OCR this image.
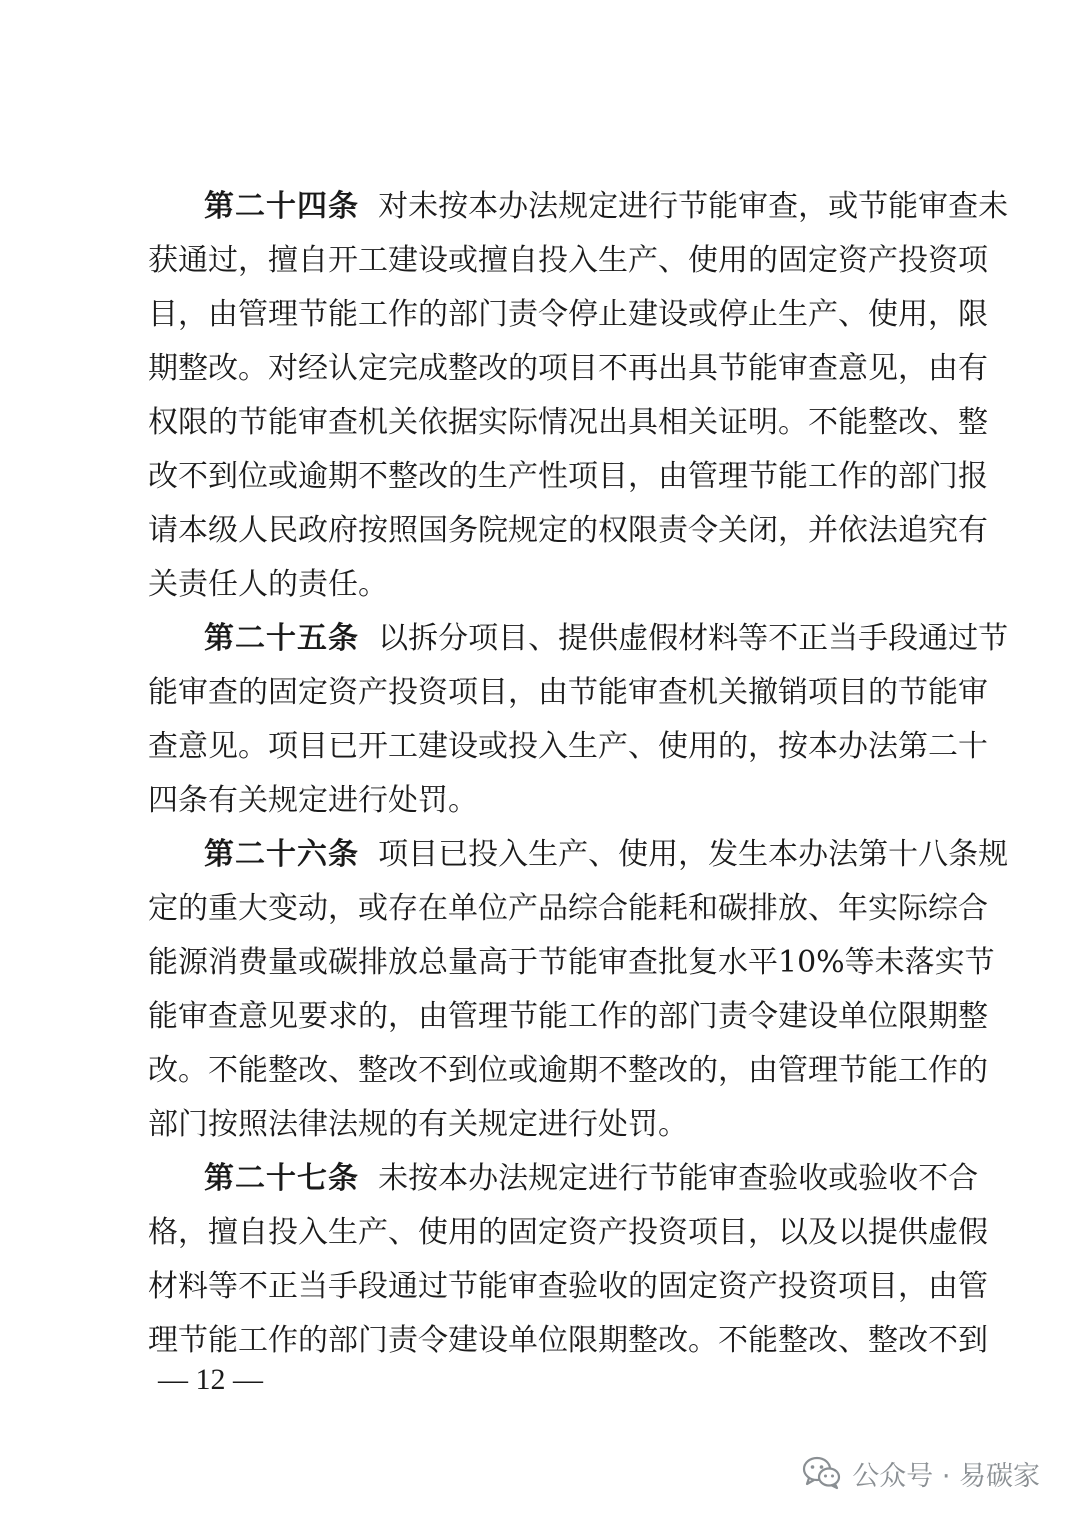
第二十四条 对未按本办法规定进行节能审查，或节能审查未
获通过，擅自开工建设或擅自投入生产、使用的固定资产投资项
目，由管理节能工作的部门责令停止建设或停止生产、使用，限
期整改。对经认定完成整改的项目不再出具节能审查意见，由有
权限的节能审查机关依据实际情况出具相关证明。不能整改、整
改不到位或逾期不整改的生产性项目，由管理节能工作的部门报
请本级人民政府按照国务院规定的权限责令关闭，并依法追究有
关责任人的责任。
第二十五条 以拆分项目、提供虚假材料等不正当手段通过节
能审查的固定资产投资项目，由节能审查机关撤销项目的节能审
查意见。项目已开工建设或投入生产、使用的，按本办法第二十
四条有关规定进行处罚。
第二十六条 项目已投入生产、使用，发生本办法第十八条规
定的重大变动，或存在单位产品综合能耗和碳排放、年实际综合
能源消费量或碳排放总量高于节能审查批复水平10%等未落实节
能审查意见要求的，由管理节能工作的部门责令建设单位限期整
改。不能整改、整改不到位或逾期不整改的，由管理节能工作的
部门按照法律法规的有关规定进行处罚。
第二十七条 未按本办法规定进行节能审查验收或验收不合
格，擅自投入生产、使用的固定资产投资项目，以及以提供虚假
材料等不正当手段通过节能审查验收的固定资产投资项目，由管
理节能工作的部门责令建设单位限期整改。不能整改、整改不到
— 12 —
公众号 · 易碳家
